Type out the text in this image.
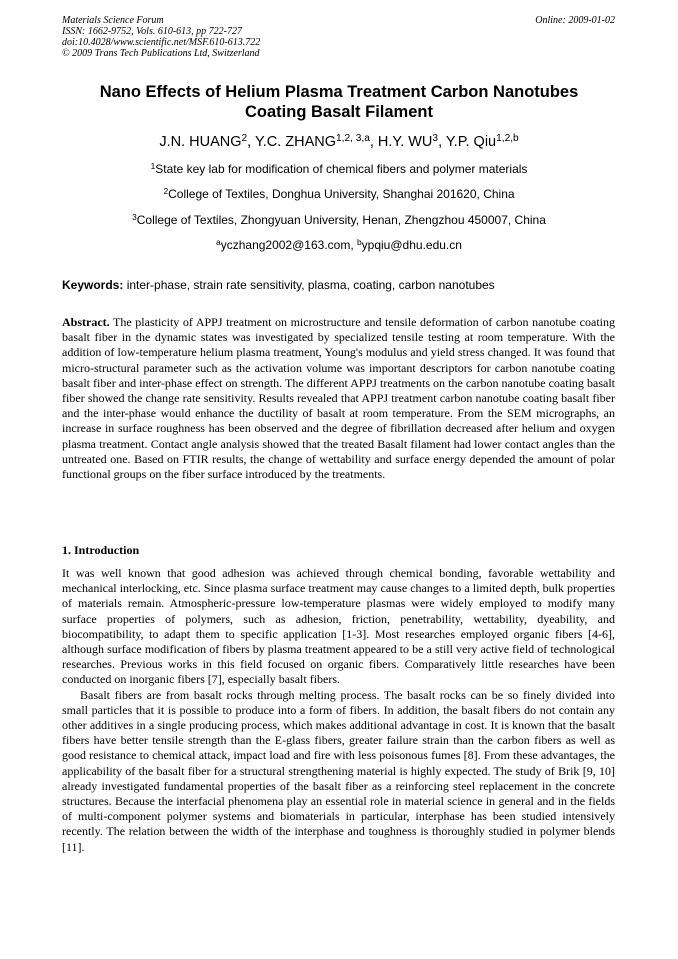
Materials Science Forum
ISSN: 1662-9752, Vols. 610-613, pp 722-727
doi:10.4028/www.scientific.net/MSF.610-613.722
© 2009 Trans Tech Publications Ltd, Switzerland
Online: 2009-01-02
Nano Effects of Helium Plasma Treatment Carbon Nanotubes
Coating Basalt Filament
J.N. HUANG$^2$, Y.C. ZHANG$^{1,2, 3,a}$, H.Y. $WU^3$, Y.P. Qiu$^{1,2,b}$
$^1$State key lab for modification of chemical fibers and polymer materials
$^2$College of Textiles, Donghua University, Shanghai 201620, China
$^3$College of Textiles, Zhongyuan University, Henan, Zhengzhou 450007, China
$^a$yczhang2002@163.com, $^b$ypqiu@dhu.edu.cn
Keywords: inter-phase, strain rate sensitivity, plasma, coating, carbon nanotubes
Abstract. The plasticity of APPJ treatment on microstructure and tensile deformation of carbon nanotube coating basalt fiber in the dynamic states was investigated by specialized tensile testing at room temperature. With the addition of low-temperature helium plasma treatment, Young's modulus and yield stress changed. It was found that micro-structural parameter such as the activation volume was important descriptors for carbon nanotube coating basalt fiber and inter-phase effect on strength. The different APPJ treatments on the carbon nanotube coating basalt fiber showed the change rate sensitivity. Results revealed that APPJ treatment carbon nanotube coating basalt fiber and the inter-phase would enhance the ductility of basalt at room temperature. From the SEM micrographs, an increase in surface roughness has been observed and the degree of fibrillation decreased after helium and oxygen plasma treatment. Contact angle analysis showed that the treated Basalt filament had lower contact angles than the untreated one. Based on FTIR results, the change of wettability and surface energy depended the amount of polar functional groups on the fiber surface introduced by the treatments.
1. Introduction

It was well known that good adhesion was achieved through chemical bonding, favorable wettability and mechanical interlocking, etc. Since plasma surface treatment may cause changes to a limited depth, bulk properties of materials remain. Atmospheric-pressure low-temperature plasmas were widely employed to modify many surface properties of polymers, such as adhesion, friction, penetrability, wettability, dyeability, and biocompatibility, to adapt them to specific application [1-3]. Most researches employed organic fibers [4-6], although surface modification of fibers by plasma treatment appeared to be a still very active field of technological researches. Previous works in this field focused on organic fibers. Comparatively little researches have been conducted on inorganic fibers [7], especially basalt fibers.

Basalt fibers are from basalt rocks through melting process. The basalt rocks can be so finely divided into small particles that it is possible to produce into a form of fibers. In addition, the basalt fibers do not contain any other additives in a single producing process, which makes additional advantage in cost. It is known that the basalt fibers have better tensile strength than the E-glass fibers, greater failure strain than the carbon fibers as well as good resistance to chemical attack, impact load and fire with less poisonous fumes [8]. From these advantages, the applicability of the basalt fiber for a structural strengthening material is highly expected. The study of Brik [9, 10] already investigated fundamental properties of the basalt fiber as a reinforcing steel replacement in the concrete structures. Because the interfacial phenomena play an essential role in material science in general and in the fields of multi-component polymer systems and biomaterials in particular, interphase has been studied intensively recently. The relation between the width of the interphase and toughness is thoroughly studied in polymer blends [11].
